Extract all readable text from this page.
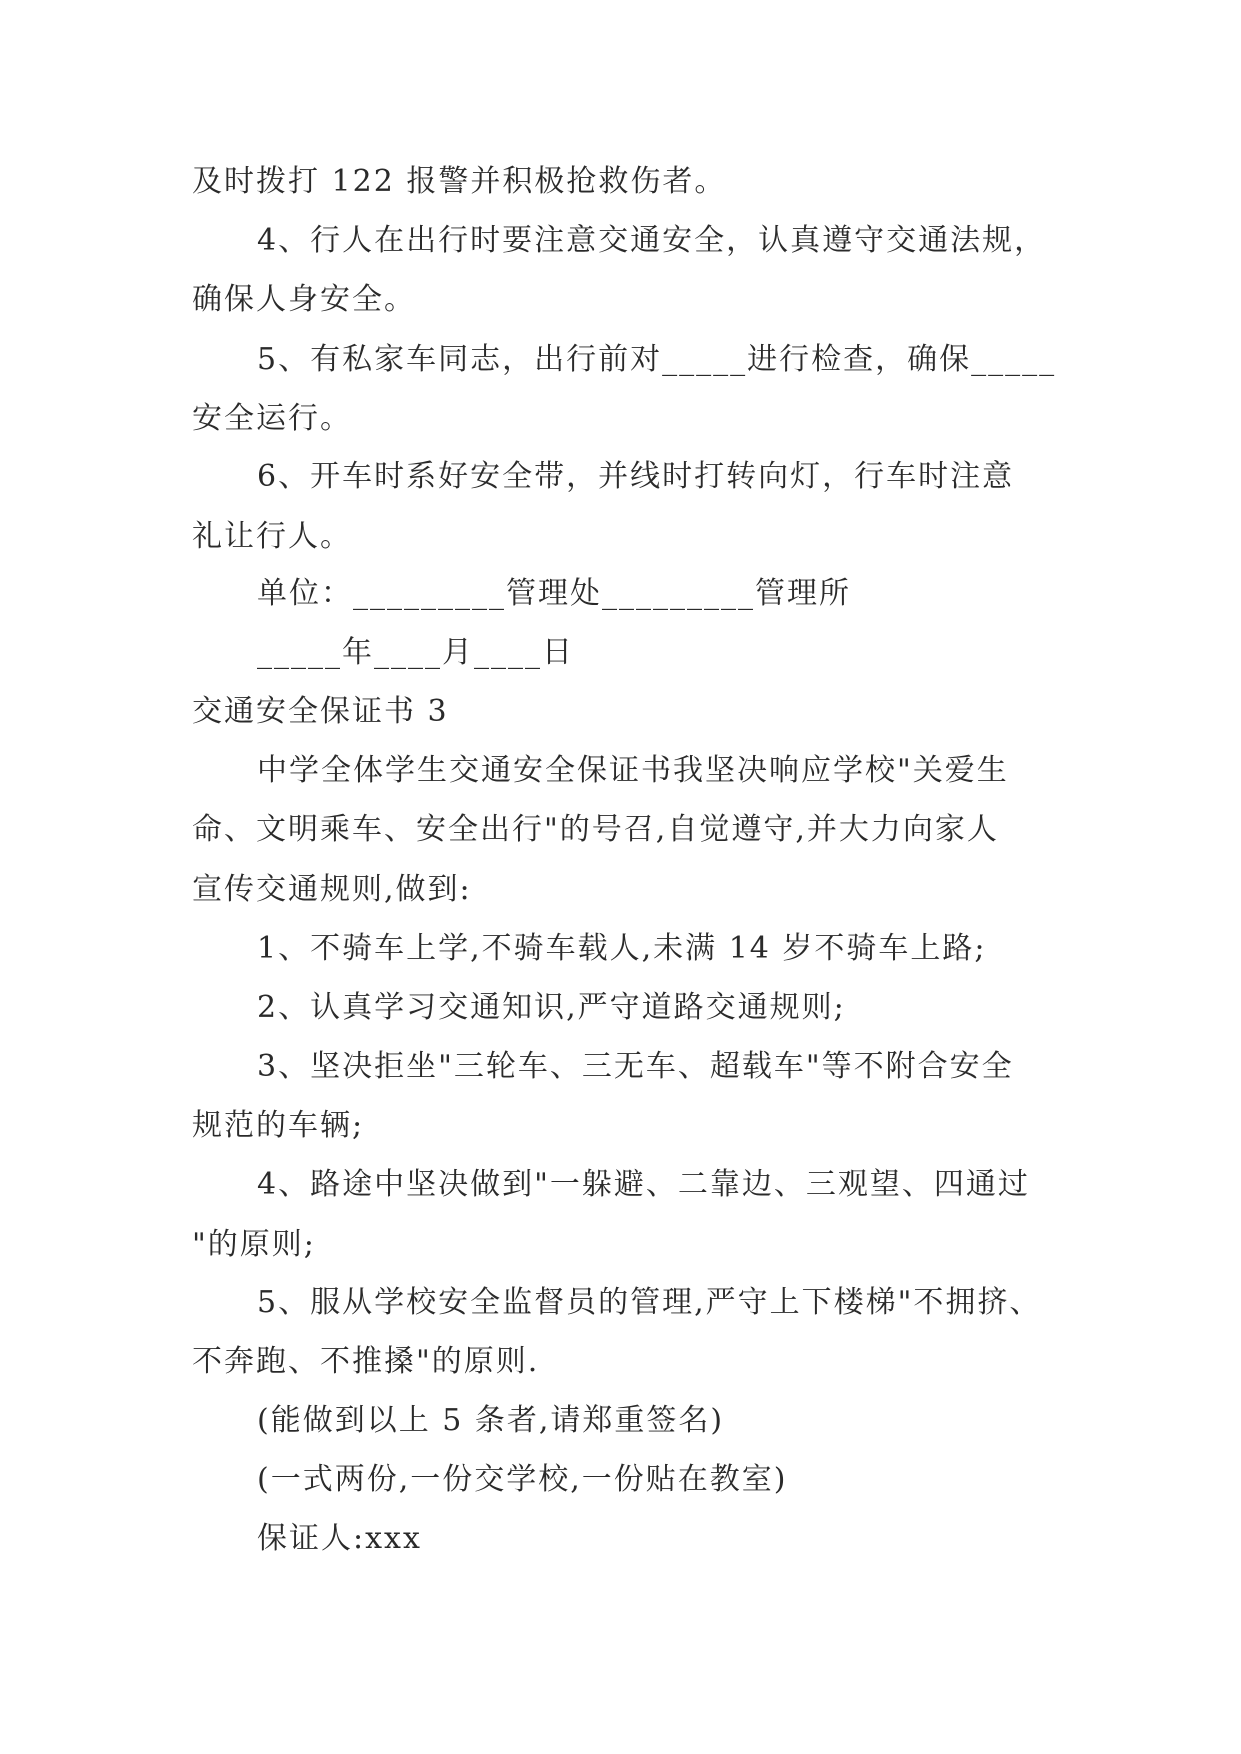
及时拨打 122 报警并积极抢救伤者。
4、行人在出行时要注意交通安全，认真遵守交通法规，
确保人身安全。
5、有私家车同志，出行前对_____进行检查，确保_____
安全运行。
6、开车时系好安全带，并线时打转向灯，行车时注意
礼让行人。
单位：_________管理处_________管理所
_____年____月____日
交通安全保证书 3
中学全体学生交通安全保证书我坚决响应学校"关爱生
命、文明乘车、安全出行"的号召,自觉遵守,并大力向家人
宣传交通规则,做到:
1、不骑车上学,不骑车载人,未满 14 岁不骑车上路;
2、认真学习交通知识,严守道路交通规则;
3、坚决拒坐"三轮车、三无车、超载车"等不附合安全
规范的车辆;
4、路途中坚决做到"一躲避、二靠边、三观望、四通过
"的原则;
5、服从学校安全监督员的管理,严守上下楼梯"不拥挤、
不奔跑、不推搡"的原则.
(能做到以上 5 条者,请郑重签名)
(一式两份,一份交学校,一份贴在教室)
保证人:xxx
